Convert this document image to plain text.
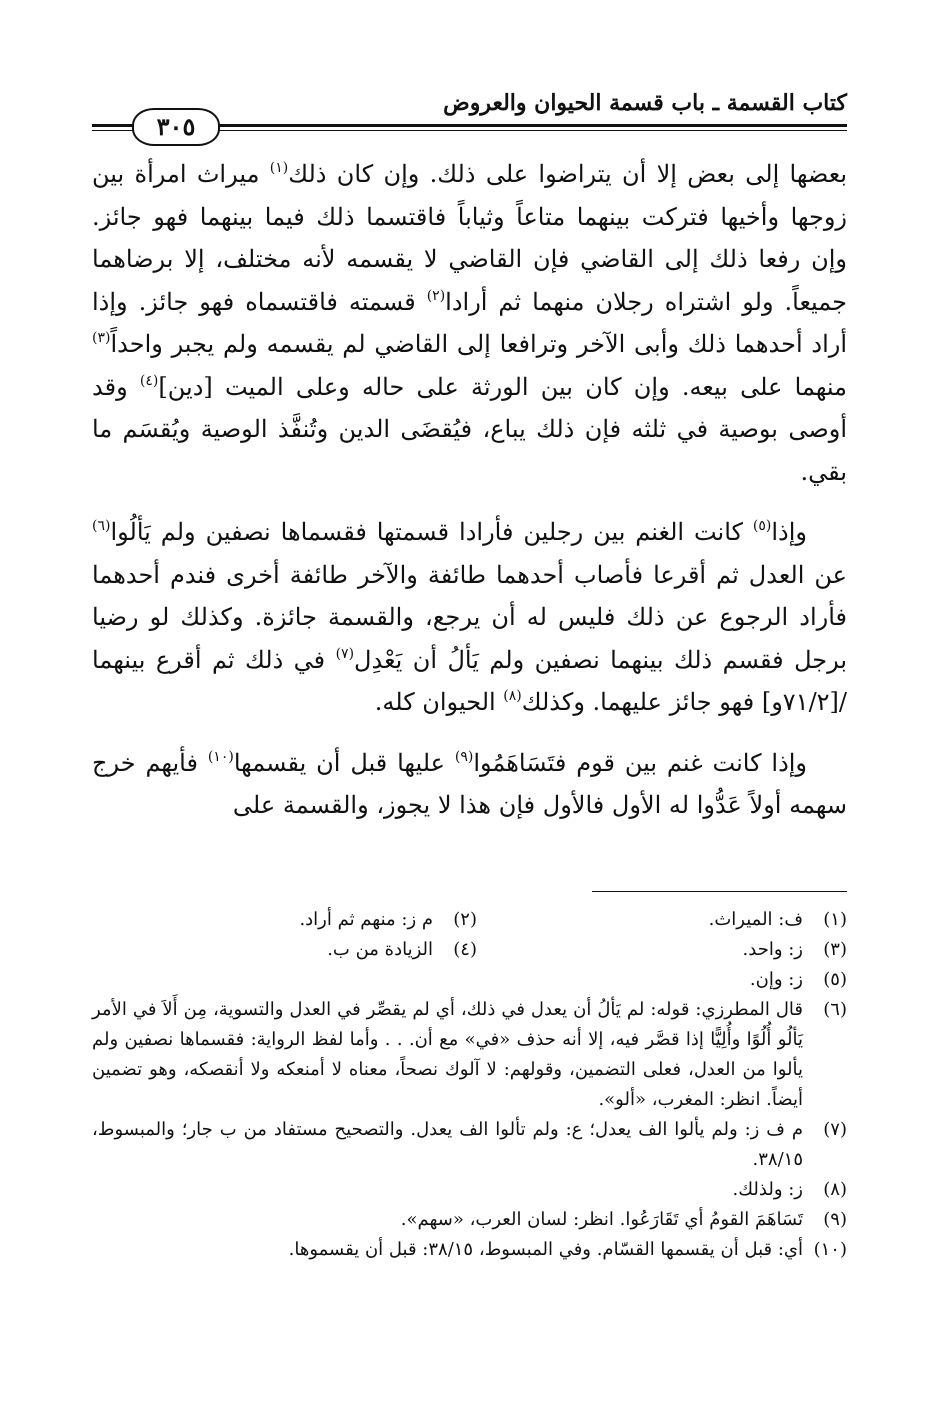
كتاب القسمة ـ باب قسمة الحيوان والعروض
٣٠٥

بعضها إلى بعض إلا أن يتراضوا على ذلك. وإن كان ذلك$^{(١)}$ ميراث امرأة بين زوجها وأخيها فتركت بينهما متاعاً وثياباً فاقتسما ذلك فيما بينهما فهو جائز. وإن رفعا ذلك إلى القاضي فإن القاضي لا يقسمه لأنه مختلف، إلا برضاهما جميعاً. ولو اشتراه رجلان منهما ثم أرادا$^{(٢)}$ قسمته فاقتسماه فهو جائز. وإذا أراد أحدهما ذلك وأبى الآخر وترافعا إلى القاضي لم يقسمه ولم يجبر واحداً$^{(٣)}$ منهما على بيعه. وإن كان بين الورثة على حاله وعلى الميت [دين]$^{(٤)}$ وقد أوصى بوصية في ثلثه فإن ذلك يباع، فيُقضَى الدين وتُنفَّذ الوصية ويُقسَم ما بقي.

وإذا$^{(٥)}$ كانت الغنم بين رجلين فأرادا قسمتها فقسماها نصفين ولم يَألُوا$^{(٦)}$ عن العدل ثم أقرعا فأصاب أحدهما طائفة والآخر طائفة أخرى فندم أحدهما فأراد الرجوع عن ذلك فليس له أن يرجع، والقسمة جائزة. وكذلك لو رضيا برجل فقسم ذلك بينهما نصفين ولم يَألُ أن يَعْدِل$^{(٧)}$ في ذلك ثم أقرع بينهما /[٧١/٢و] فهو جائز عليهما. وكذلك$^{(٨)}$ الحيوان كله.

وإذا كانت غنم بين قوم فتَسَاهَمُوا$^{(٩)}$ عليها قبل أن يقسمها$^{(١٠)}$ فأيهم خرج سهمه أولاً عَدُّوا له الأول فالأول فإن هذا لا يجوز، والقسمة على

(١)
ف: الميراث.
(٢)
م ز: منهم ثم أراد.
(٣)
ز: واحد.
(٤)
الزيادة من ب.
(٥)
ز: وإن.
(٦)
قال المطرزي: قوله: لم يَألُ أن يعدل في ذلك، أي لم يقصِّر في العدل والتسوية، مِن أَلاَ في الأمر يَألُو أُلُوًا وأُلِيًّا إذا قصَّر فيه، إلا أنه حذف «في» مع أن. . . وأما لفظ الرواية: فقسماها نصفين ولم يألوا من العدل، فعلى التضمين، وقولهم: لا آلوك نصحاً، معناه لا أمنعكه ولا أنقصكه، وهو تضمين أيضاً. انظر: المغرب، «ألو».
(٧)
م ف ز: ولم يألوا الف يعدل؛ ع: ولم تألوا الف يعدل. والتصحيح مستفاد من ب جار؛ والمبسوط، ٣٨/١٥.
(٨)
ز: ولذلك.
(٩)
تَسَاهَمَ القومُ أي تَقَارَعُوا. انظر: لسان العرب، «سهم».
(١٠)
أي: قبل أن يقسمها القسّام. وفي المبسوط، ٣٨/١٥: قبل أن يقسموها.
